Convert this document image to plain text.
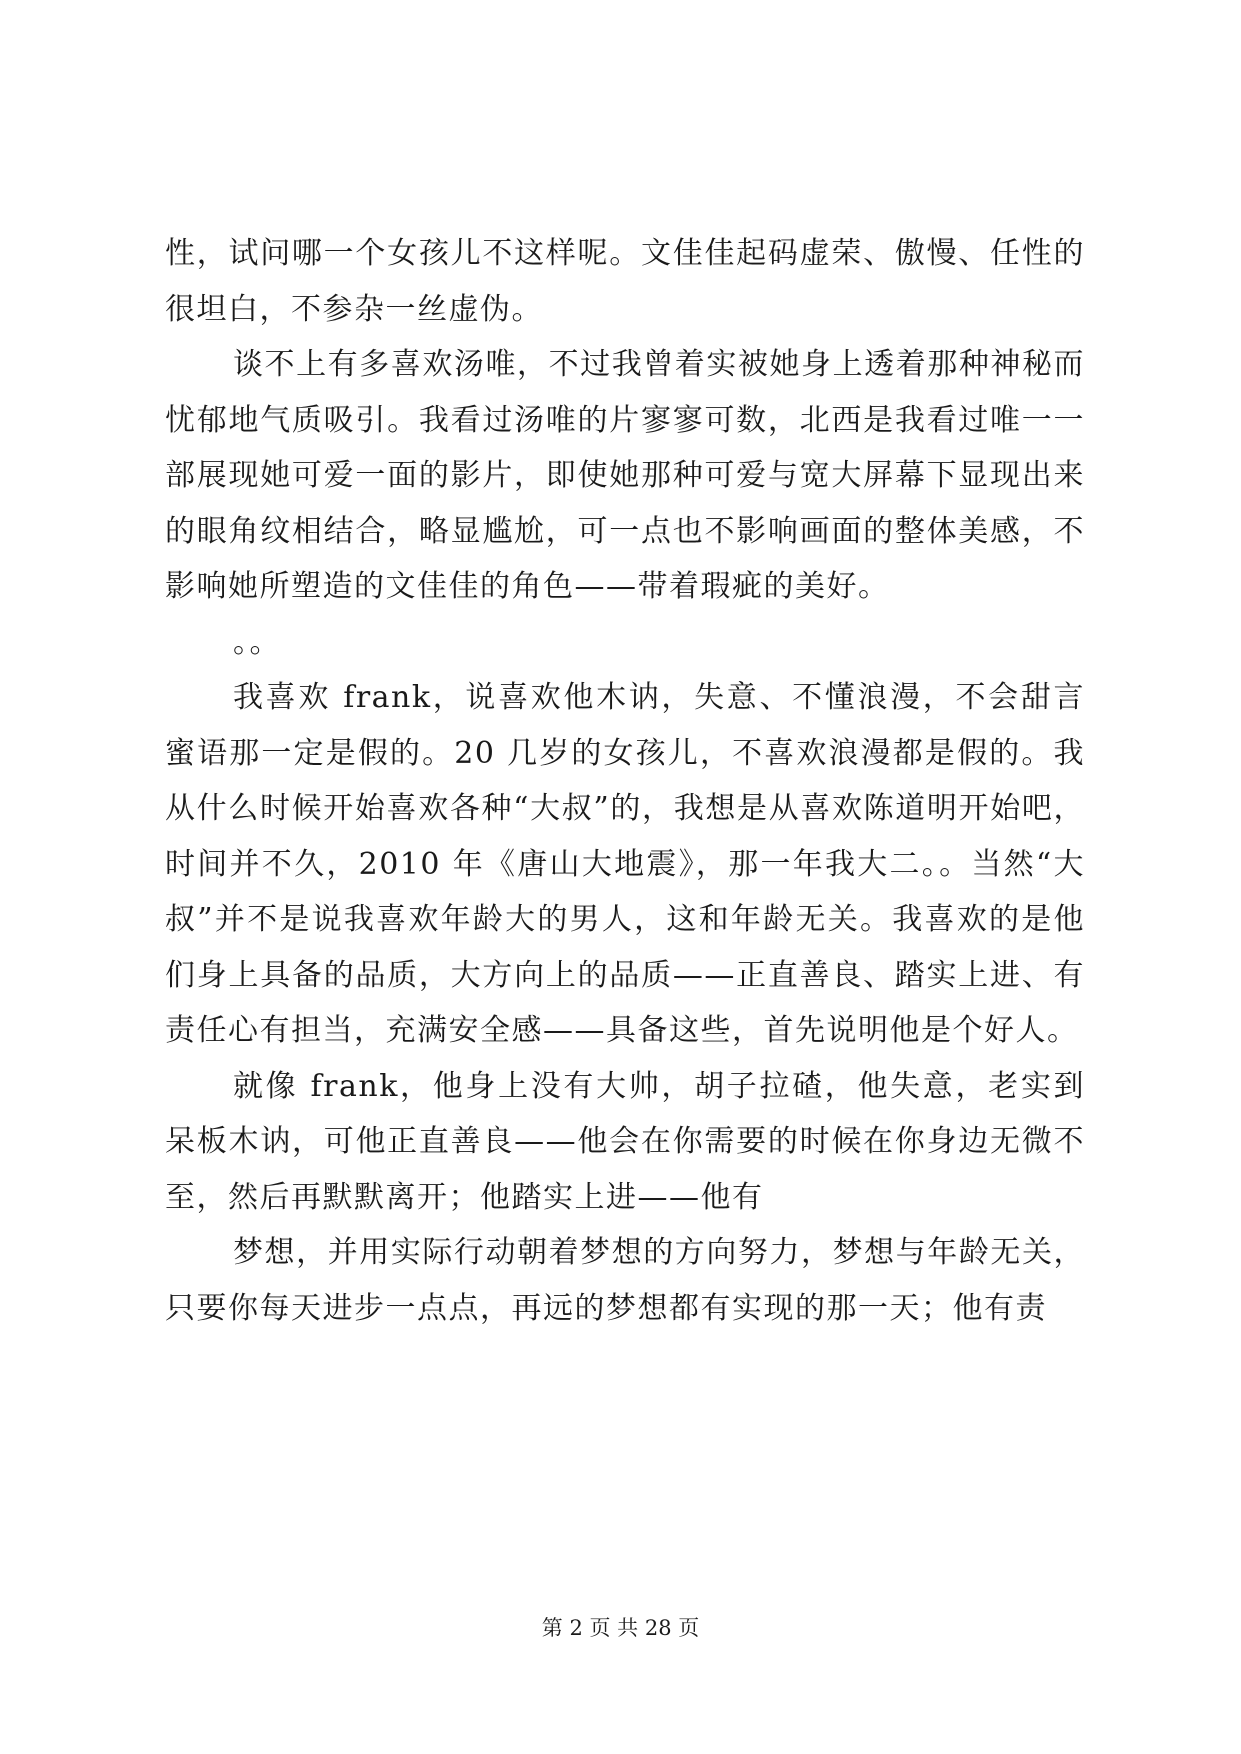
性，试问哪一个女孩儿不这样呢。文佳佳起码虚荣、傲慢、任性的很坦白，不参杂一丝虚伪。

谈不上有多喜欢汤唯，不过我曾着实被她身上透着那种神秘而忧郁地气质吸引。我看过汤唯的片寥寥可数，北西是我看过唯一一部展现她可爱一面的影片，即使她那种可爱与宽大屏幕下显现出来的眼角纹相结合，略显尴尬，可一点也不影响画面的整体美感，不影响她所塑造的文佳佳的角色——带着瑕疵的美好。

。。

我喜欢 frank，说喜欢他木讷，失意、不懂浪漫，不会甜言蜜语那一定是假的。20 几岁的女孩儿，不喜欢浪漫都是假的。我从什么时候开始喜欢各种“大叔”的，我想是从喜欢陈道明开始吧，时间并不久，2010 年《唐山大地震》，那一年我大二。。当然“大叔”并不是说我喜欢年龄大的男人，这和年龄无关。我喜欢的是他们身上具备的品质，大方向上的品质——正直善良、踏实上进、有责任心有担当，充满安全感——具备这些，首先说明他是个好人。

就像 frank，他身上没有大帅，胡子拉碴，他失意，老实到呆板木讷，可他正直善良——他会在你需要的时候在你身边无微不至，然后再默默离开；他踏实上进——他有

梦想，并用实际行动朝着梦想的方向努力，梦想与年龄无关，只要你每天进步一点点，再远的梦想都有实现的那一天；他有责

第 2 页 共 28 页
